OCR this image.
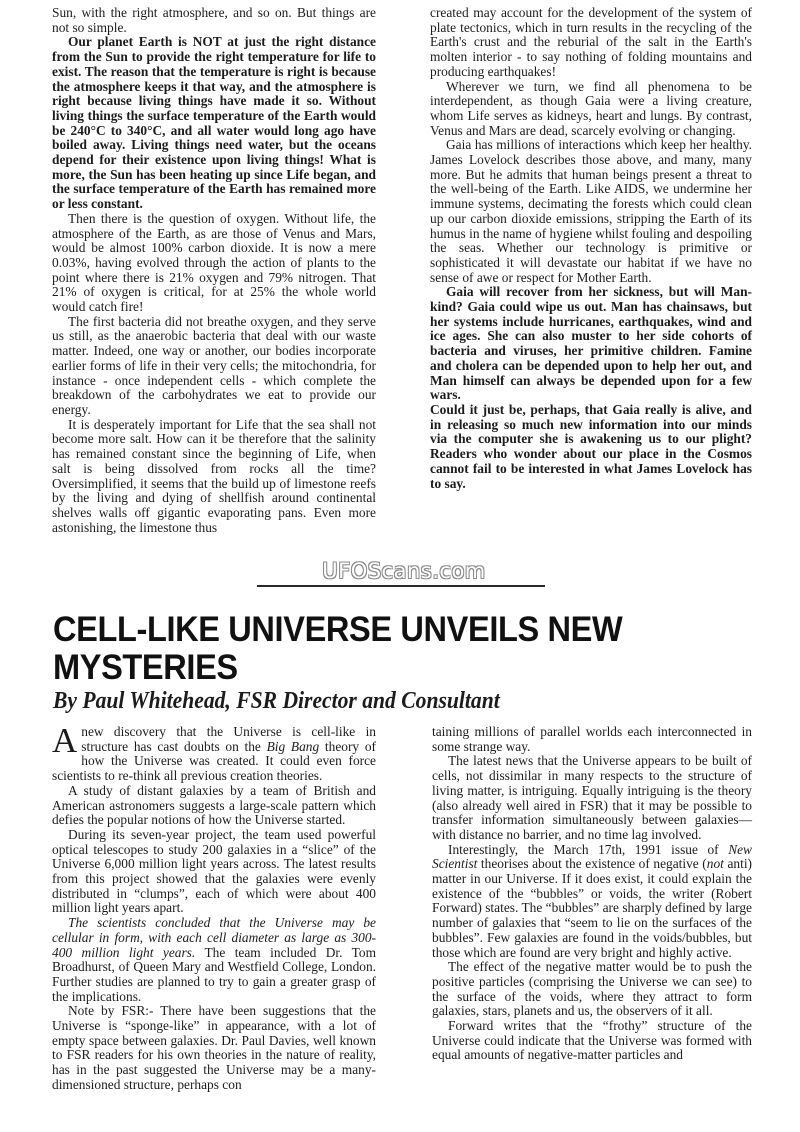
Sun, with the right atmosphere, and so on. But things are not so simple.

Our planet Earth is NOT at just the right distance from the Sun to provide the right temperature for life to exist. The reason that the temperature is right is because the atmosphere keeps it that way, and the atmosphere is right because living things have made it so. Without living things the surface temperature of the Earth would be 240°C to 340°C, and all water would long ago have boiled away. Living things need water, but the oceans depend for their existence upon living things! What is more, the Sun has been heating up since Life began, and the surface temperature of the Earth has remained more or less constant.

Then there is the question of oxygen. Without life, the atmosphere of the Earth, as are those of Venus and Mars, would be almost 100% carbon dioxide. It is now a mere 0.03%, having evolved through the action of plants to the point where there is 21% oxygen and 79% nitrogen. That 21% of oxygen is critical, for at 25% the whole world would catch fire!

The first bacteria did not breathe oxygen, and they serve us still, as the anaerobic bacteria that deal with our waste matter. Indeed, one way or another, our bodies incorporate earlier forms of life in their very cells; the mitochondria, for instance - once independent cells - which complete the breakdown of the carbohydrates we eat to provide our energy.

It is desperately important for Life that the sea shall not become more salt. How can it be therefore that the salinity has remained constant since the beginning of Life, when salt is being dissolved from rocks all the time? Oversimplified, it seems that the build up of limestone reefs by the living and dying of shellfish around continental shelves walls off gigantic evaporating pans. Even more astonishing, the limestone thus

created may account for the development of the system of plate tectonics, which in turn results in the recycling of the Earth's crust and the reburial of the salt in the Earth's molten interior - to say nothing of folding mountains and producing earthquakes!

Wherever we turn, we find all phenomena to be interdependent, as though Gaia were a living creature, whom Life serves as kidneys, heart and lungs. By contrast, Venus and Mars are dead, scarcely evolving or changing.

Gaia has millions of interactions which keep her healthy. James Lovelock describes those above, and many, many more. But he admits that human beings present a threat to the well-being of the Earth. Like AIDS, we undermine her immune systems, decimating the forests which could clean up our carbon dioxide emissions, stripping the Earth of its humus in the name of hygiene whilst fouling and despoiling the seas. Whether our technology is primitive or sophisticated it will devastate our habitat if we have no sense of awe or respect for Mother Earth.

Gaia will recover from her sickness, but will Mankind? Gaia could wipe us out. Man has chainsaws, but her systems include hurricanes, earthquakes, wind and ice ages. She can also muster to her side cohorts of bacteria and viruses, her primitive children. Famine and cholera can be depended upon to help her out, and Man himself can always be depended upon for a few wars.

Could it just be, perhaps, that Gaia really is alive, and in releasing so much new information into our minds via the computer she is awakening us to our plight? Readers who wonder about our place in the Cosmos cannot fail to be interested in what James Lovelock has to say.

UFOScans.com
CELL-LIKE UNIVERSE UNVEILS NEW MYSTERIES
By Paul Whitehead, FSR Director and Consultant

Anew discovery that the Universe is cell-like in structure has cast doubts on the Big Bang theory of how the Universe was created. It could even force scientists to re-think all previous creation theories.

A study of distant galaxies by a team of British and American astronomers suggests a large-scale pattern which defies the popular notions of how the Universe started.

During its seven-year project, the team used powerful optical telescopes to study 200 galaxies in a “slice” of the Universe 6,000 million light years across. The latest results from this project showed that the galaxies were evenly distributed in “clumps”, each of which were about 400 million light years apart.

The scientists concluded that the Universe may be cellular in form, with each cell diameter as large as 300-400 million light years. The team included Dr. Tom Broadhurst, of Queen Mary and Westfield College, London. Further studies are planned to try to gain a greater grasp of the implications.

Note by FSR:- There have been suggestions that the Universe is “sponge-like” in appearance, with a lot of empty space between galaxies. Dr. Paul Davies, well known to FSR readers for his own theories in the nature of reality, has in the past suggested the Universe may be a many-dimensioned structure, perhaps con

taining millions of parallel worlds each interconnected in some strange way.

The latest news that the Universe appears to be built of cells, not dissimilar in many respects to the structure of living matter, is intriguing. Equally intriguing is the theory (also already well aired in FSR) that it may be possible to transfer information simultaneously between galaxies—with distance no barrier, and no time lag involved.

Interestingly, the March 17th, 1991 issue of New Scientist theorises about the existence of negative (not anti) matter in our Universe. If it does exist, it could explain the existence of the “bubbles” or voids, the writer (Robert Forward) states. The “bubbles” are sharply defined by large number of galaxies that “seem to lie on the surfaces of the bubbles”. Few galaxies are found in the voids/bubbles, but those which are found are very bright and highly active.

The effect of the negative matter would be to push the positive particles (comprising the Universe we can see) to the surface of the voids, where they attract to form galaxies, stars, planets and us, the observers of it all.

Forward writes that the “frothy” structure of the Universe could indicate that the Universe was formed with equal amounts of negative-matter particles and
